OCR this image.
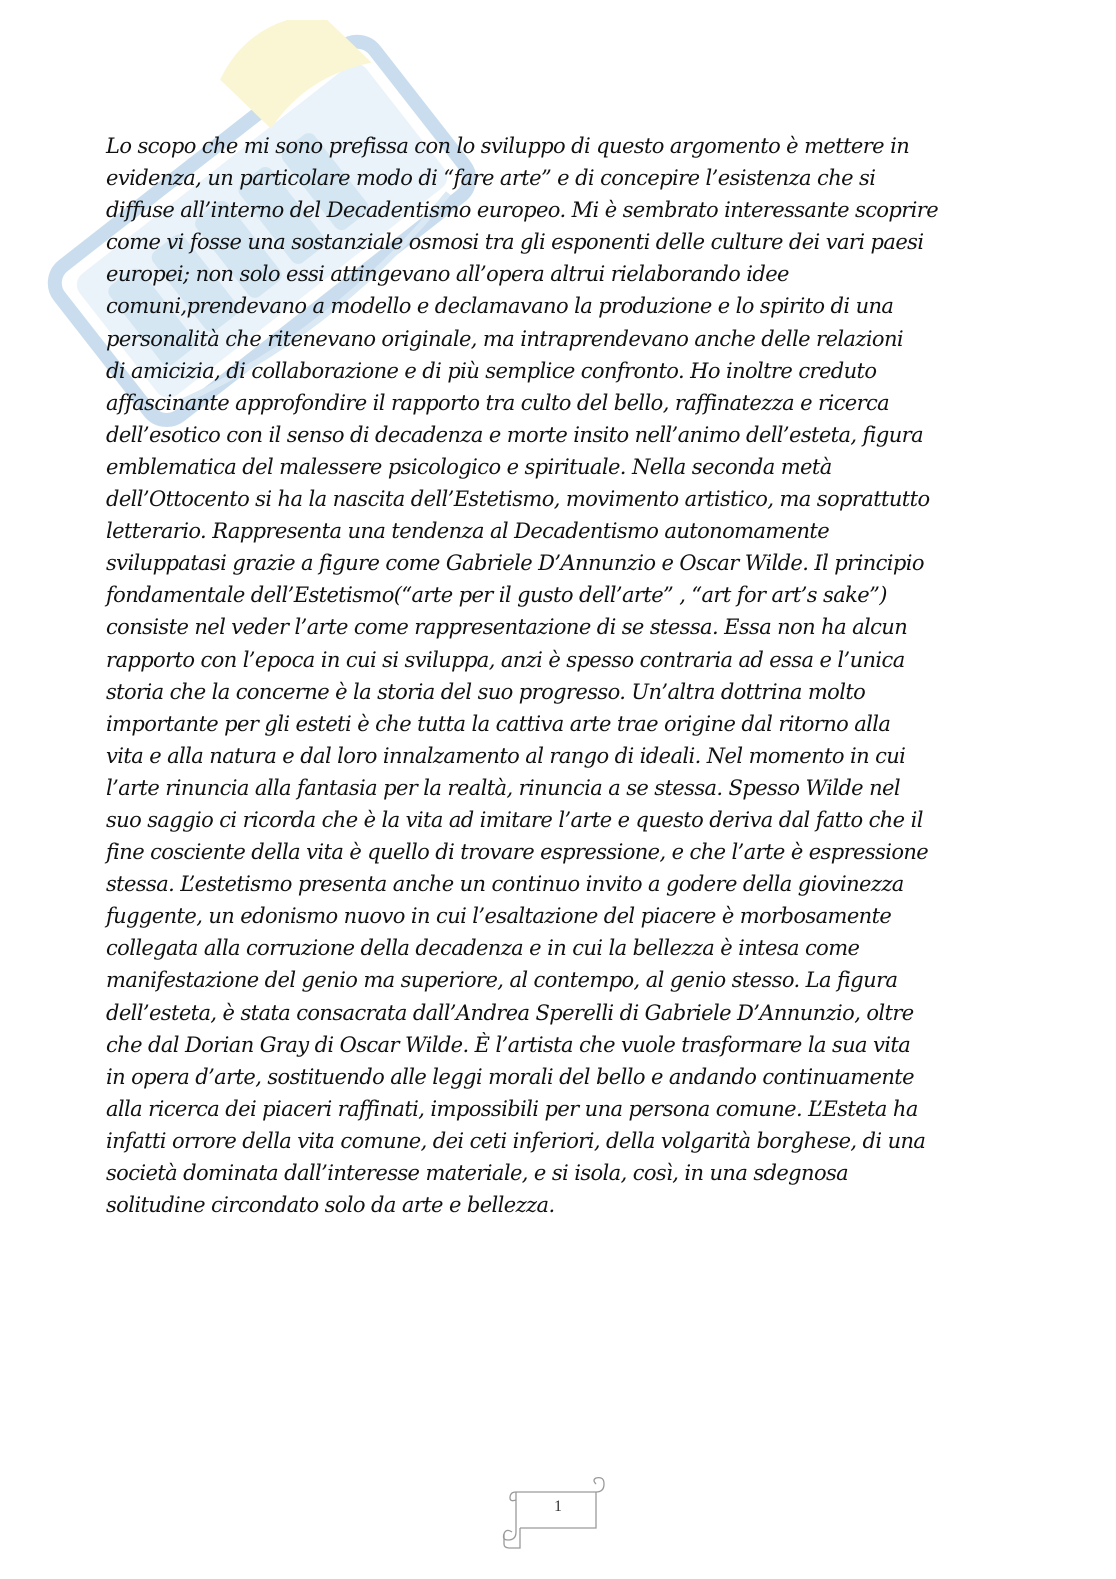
Lo scopo che mi sono prefissa con lo sviluppo di questo argomento è mettere in
evidenza, un particolare modo di “fare arte” e di concepire l’esistenza che si
diffuse all’interno del Decadentismo europeo. Mi è sembrato interessante scoprire
come vi fosse una sostanziale osmosi tra gli esponenti delle culture dei vari paesi
europei; non solo essi attingevano all’opera altrui rielaborando idee
comuni,prendevano a modello e declamavano la produzione e lo spirito di una
personalità che ritenevano originale, ma intraprendevano anche delle relazioni
di amicizia, di collaborazione e di più semplice confronto. Ho inoltre creduto
affascinante approfondire il rapporto tra culto del bello, raffinatezza e ricerca
dell’esotico con il senso di decadenza e morte insito nell’animo dell’esteta, figura
emblematica del malessere psicologico e spirituale. Nella seconda metà
dell’Ottocento si ha la nascita dell’Estetismo, movimento artistico, ma soprattutto
letterario. Rappresenta una tendenza al Decadentismo autonomamente
sviluppatasi grazie a figure come Gabriele D’Annunzio e Oscar Wilde. Il principio
fondamentale dell’Estetismo(“arte per il gusto dell’arte” , “art for art’s sake”)
consiste nel veder l’arte come rappresentazione di se stessa. Essa non ha alcun
rapporto con l’epoca in cui si sviluppa, anzi è spesso contraria ad essa e l’unica
storia che la concerne è la storia del suo progresso. Un’altra dottrina molto
importante per gli esteti è che tutta la cattiva arte trae origine dal ritorno alla
vita e alla natura e dal loro innalzamento al rango di ideali. Nel momento in cui
l’arte rinuncia alla fantasia per la realtà, rinuncia a se stessa. Spesso Wilde nel
suo saggio ci ricorda che è la vita ad imitare l’arte e questo deriva dal fatto che il
fine cosciente della vita è quello di trovare espressione, e che l’arte è espressione
stessa. L’estetismo presenta anche un continuo invito a godere della giovinezza
fuggente, un edonismo nuovo in cui l’esaltazione del piacere è morbosamente
collegata alla corruzione della decadenza e in cui la bellezza è intesa come
manifestazione del genio ma superiore, al contempo, al genio stesso. La figura
dell’esteta, è stata consacrata dall’Andrea Sperelli di Gabriele D’Annunzio, oltre
che dal Dorian Gray di Oscar Wilde. È l’artista che vuole trasformare la sua vita
in opera d’arte, sostituendo alle leggi morali del bello e andando continuamente
alla ricerca dei piaceri raffinati, impossibili per una persona comune. L’Esteta ha
infatti orrore della vita comune, dei ceti inferiori, della volgarità borghese, di una
società dominata dall’interesse materiale, e si isola, così, in una sdegnosa
solitudine circondato solo da arte e bellezza.
1
